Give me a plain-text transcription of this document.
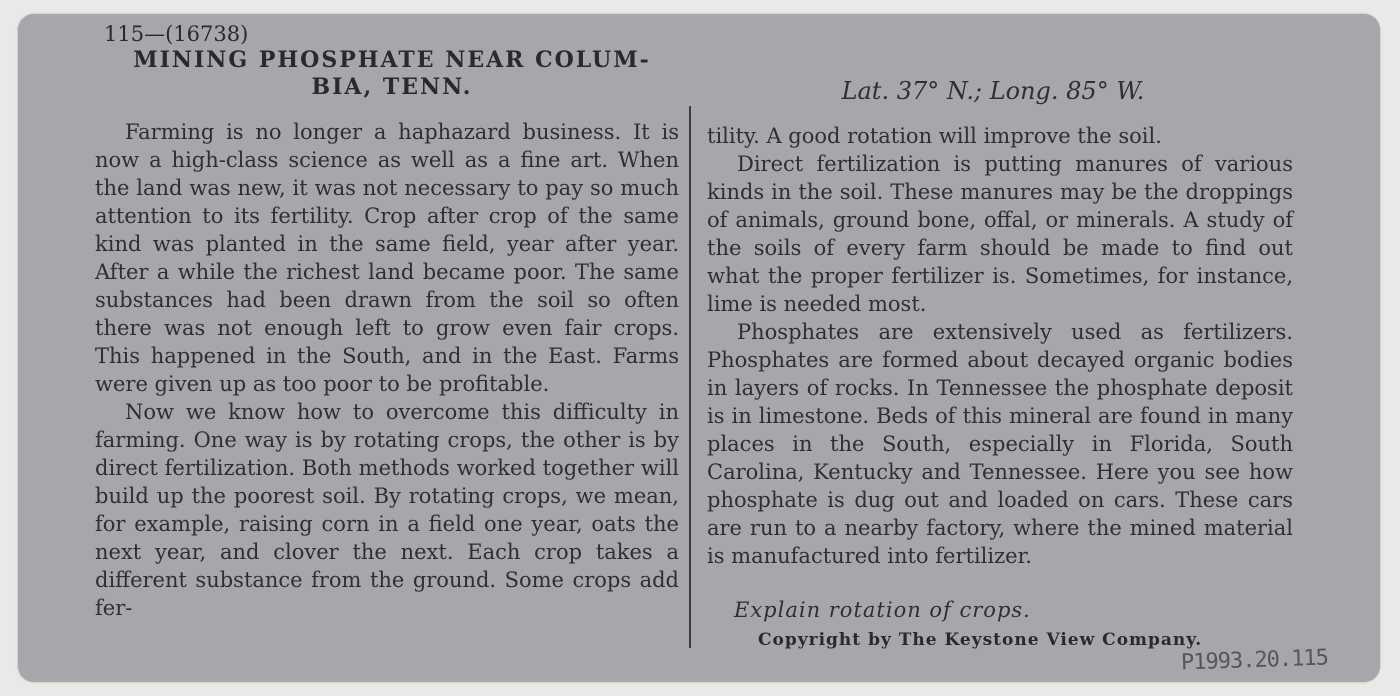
115—(16738)
MINING PHOSPHATE NEAR COLUM-
BIA, TENN.	Lat. 37° N.; Long. 85° W.

Farming is no longer a haphazard business. It is now a high-class science as well as a fine art. When the land was new, it was not necessary to pay so much attention to its fertility. Crop after crop of the same kind was planted in the same field, year after year. After a while the richest land became poor. The same substances had been drawn from the soil so often there was not enough left to grow even fair crops. This happened in the South, and in the East. Farms were given up as too poor to be profitable.

Now we know how to overcome this difficulty in farming. One way is by rotating crops, the other is by direct fertilization. Both methods worked together will build up the poorest soil. By rotating crops, we mean, for example, raising corn in a field one year, oats the next year, and clover the next. Each crop takes a different substance from the ground. Some crops add fer-

tility. A good rotation will improve the soil.

Direct fertilization is putting manures of various kinds in the soil. These manures may be the droppings of animals, ground bone, offal, or minerals. A study of the soils of every farm should be made to find out what the proper fertilizer is. Sometimes, for instance, lime is needed most.

Phosphates are extensively used as fertilizers. Phosphates are formed about decayed organic bodies in layers of rocks. In Tennessee the phosphate deposit is in limestone. Beds of this mineral are found in many places in the South, especially in Florida, South Carolina, Kentucky and Tennessee. Here you see how phosphate is dug out and loaded on cars. These cars are run to a nearby factory, where the mined material is manufactured into fertilizer.

Explain rotation of crops.
Copyright by The Keystone View Company.
P1993.20.115
